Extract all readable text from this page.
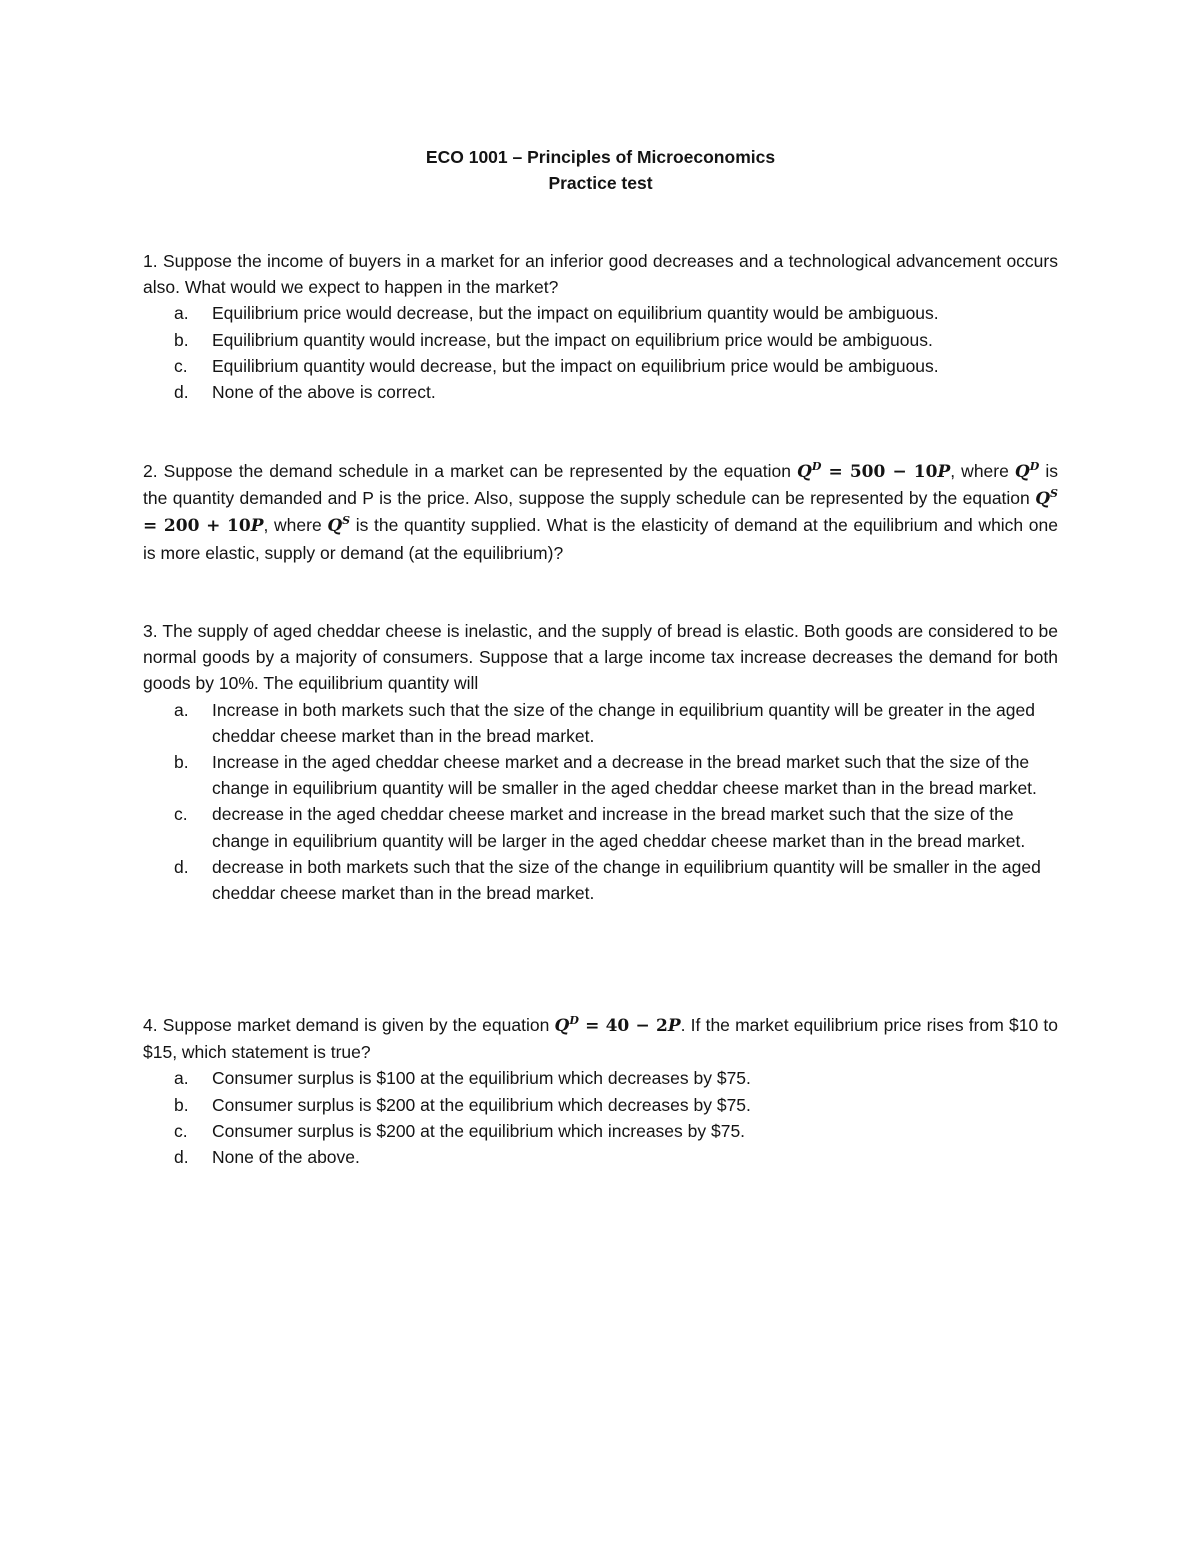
ECO 1001 – Principles of Microeconomics
Practice test

1. Suppose the income of buyers in a market for an inferior good decreases and a technological advancement occurs also. What would we expect to happen in the market?

a.	Equilibrium price would decrease, but the impact on equilibrium quantity would be ambiguous.
b.	Equilibrium quantity would increase, but the impact on equilibrium price would be ambiguous.
c.	Equilibrium quantity would decrease, but the impact on equilibrium price would be ambiguous.
d.	None of the above is correct.

2. Suppose the demand schedule in a market can be represented by the equation $Q^D = 500 - 10P$, where $Q^D$ is the quantity demanded and P is the price. Also, suppose the supply schedule can be represented by the equation $Q^S = 200 + 10P$, where $Q^S$ is the quantity supplied. What is the elasticity of demand at the equilibrium and which one is more elastic, supply or demand (at the equilibrium)?

3. The supply of aged cheddar cheese is inelastic, and the supply of bread is elastic. Both goods are considered to be normal goods by a majority of consumers. Suppose that a large income tax increase decreases the demand for both goods by 10%. The equilibrium quantity will

a.	Increase in both markets such that the size of the change in equilibrium quantity will be greater in the aged cheddar cheese market than in the bread market.
b.	Increase in the aged cheddar cheese market and a decrease in the bread market such that the size of the change in equilibrium quantity will be smaller in the aged cheddar cheese market than in the bread market.
c.	decrease in the aged cheddar cheese market and increase in the bread market such that the size of the change in equilibrium quantity will be larger in the aged cheddar cheese market than in the bread market.
d.	decrease in both markets such that the size of the change in equilibrium quantity will be smaller in the aged cheddar cheese market than in the bread market.

4. Suppose market demand is given by the equation $Q^D = 40 - 2P$. If the market equilibrium price rises from $10 to $15, which statement is true?

a.	Consumer surplus is $100 at the equilibrium which decreases by $75.
b.	Consumer surplus is $200 at the equilibrium which decreases by $75.
c.	Consumer surplus is $200 at the equilibrium which increases by $75.
d.	None of the above.
